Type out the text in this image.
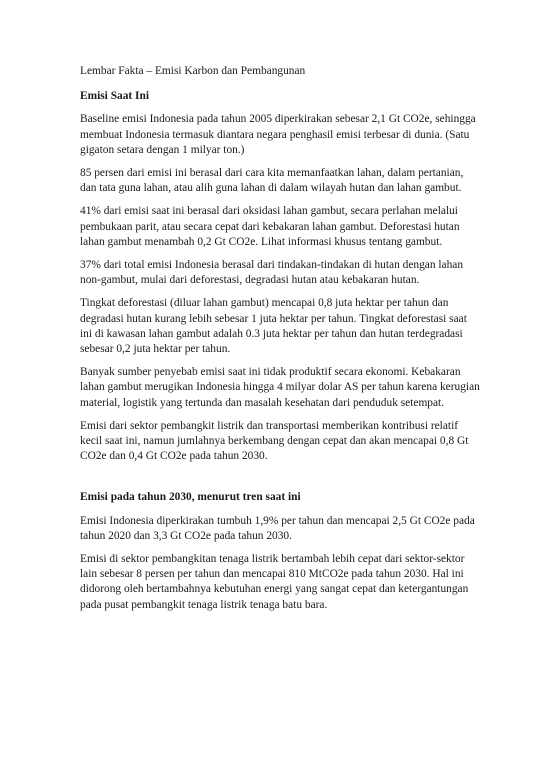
Lembar Fakta – Emisi Karbon dan Pembangunan
Emisi Saat Ini

Baseline emisi Indonesia pada tahun 2005 diperkirakan sebesar 2,1 Gt CO2e, sehingga membuat Indonesia termasuk diantara negara penghasil emisi terbesar di dunia. (Satu gigaton setara dengan 1 milyar ton.)

85 persen dari emisi ini berasal dari cara kita memanfaatkan lahan, dalam pertanian, dan tata guna lahan, atau alih guna lahan di dalam wilayah hutan dan lahan gambut.

41% dari emisi saat ini berasal dari oksidasi lahan gambut, secara perlahan melalui pembukaan parit, atau secara cepat dari kebakaran lahan gambut. Deforestasi hutan lahan gambut menambah 0,2 Gt CO2e. Lihat informasi khusus tentang gambut.

37% dari total emisi Indonesia berasal dari tindakan-tindakan di hutan dengan lahan non-gambut, mulai dari deforestasi, degradasi hutan atau kebakaran hutan.

Tingkat deforestasi (diluar lahan gambut) mencapai 0,8 juta hektar per tahun dan degradasi hutan kurang lebih sebesar 1 juta hektar per tahun. Tingkat deforestasi saat ini di kawasan lahan gambut adalah 0.3 juta hektar per tahun dan hutan terdegradasi sebesar 0,2 juta hektar per tahun.

Banyak sumber penyebab emisi saat ini tidak produktif secara ekonomi. Kebakaran lahan gambut merugikan Indonesia hingga 4 milyar dolar AS per tahun karena kerugian material, logistik yang tertunda dan masalah kesehatan dari penduduk setempat.

Emisi dari sektor pembangkit listrik dan transportasi memberikan kontribusi relatif kecil saat ini, namun jumlahnya berkembang dengan cepat dan akan mencapai 0,8 Gt CO2e dan 0,4 Gt CO2e pada tahun 2030.

Emisi pada tahun 2030, menurut tren saat ini

Emisi Indonesia diperkirakan tumbuh 1,9% per tahun dan mencapai 2,5 Gt CO2e pada tahun 2020 dan 3,3 Gt CO2e pada tahun 2030.

Emisi di sektor pembangkitan tenaga listrik bertambah lebih cepat dari sektor-sektor lain sebesar 8 persen per tahun dan mencapai 810 MtCO2e pada tahun 2030. Hal ini didorong oleh bertambahnya kebutuhan energi yang sangat cepat dan ketergantungan pada pusat pembangkit tenaga listrik tenaga batu bara.
